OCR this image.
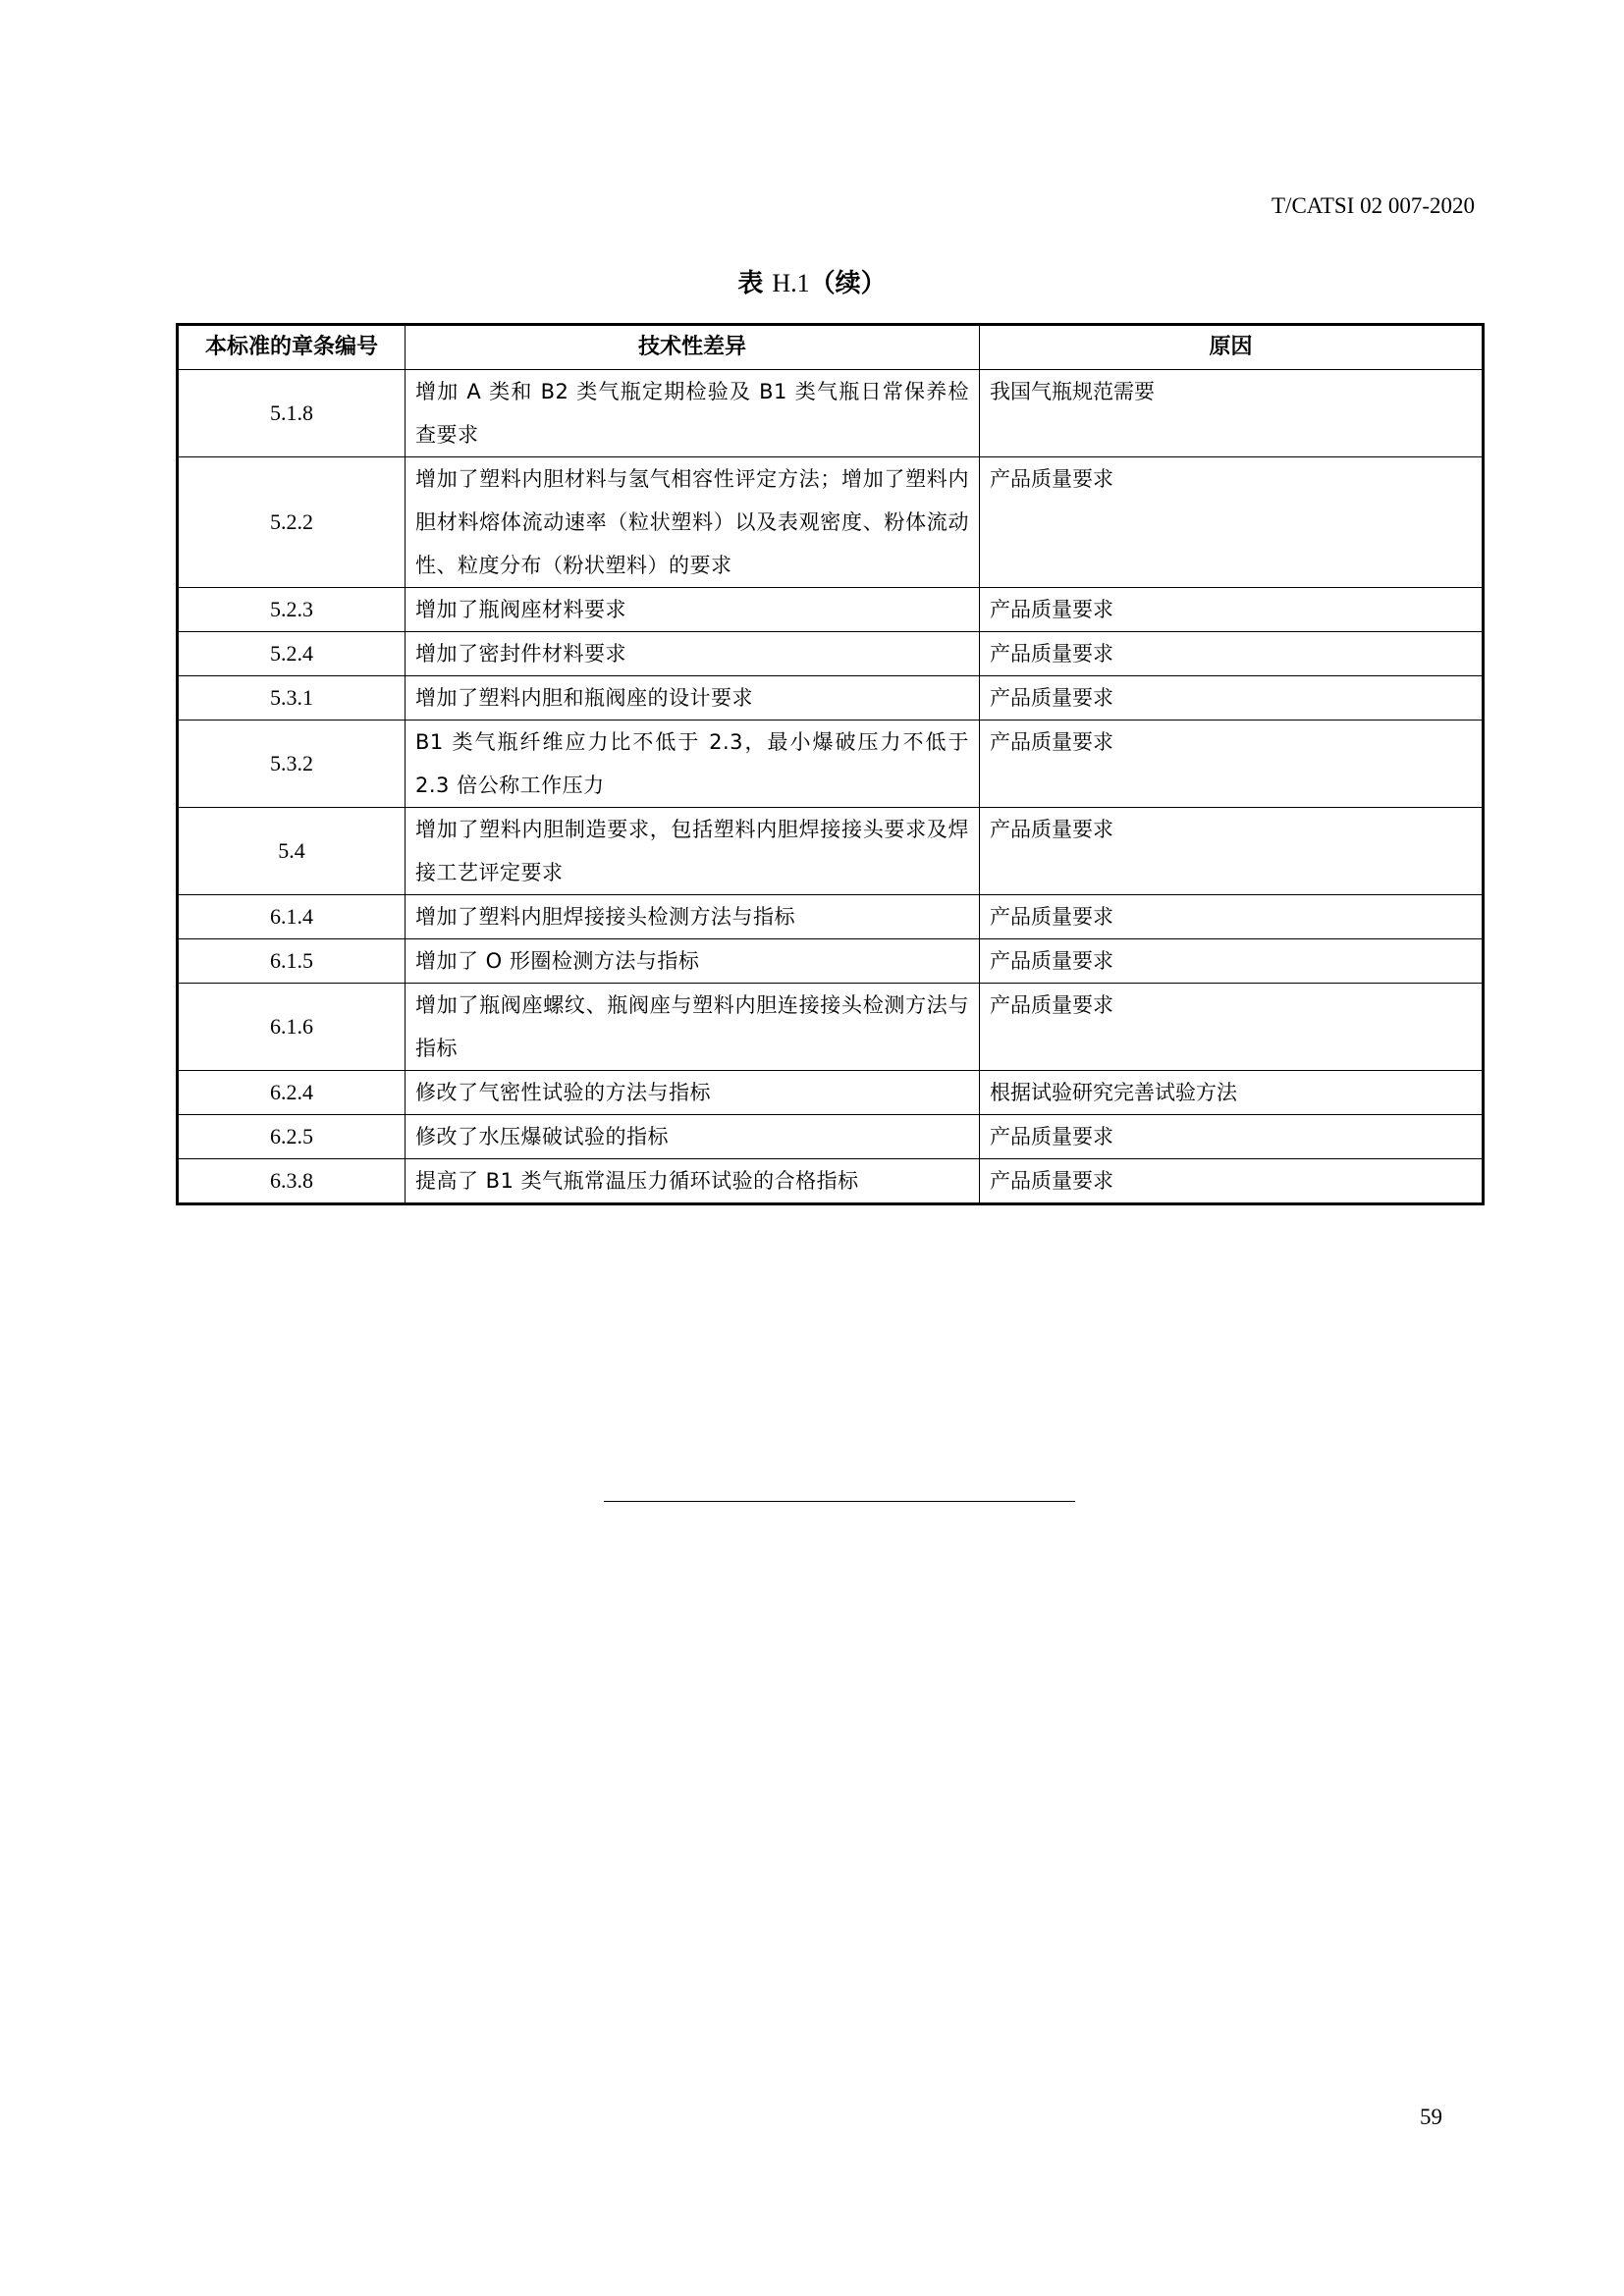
T/CATSI 02 007-2020
表 H.1（续）
本标准的章条编号	技术性差异	原因
5.1.8	增加 A 类和 B2 类气瓶定期检验及 B1 类气瓶日常保养检查要求	我国气瓶规范需要
5.2.2	增加了塑料内胆材料与氢气相容性评定方法；增加了塑料内胆材料熔体流动速率（粒状塑料）以及表观密度、粉体流动性、粒度分布（粉状塑料）的要求	产品质量要求
5.2.3	增加了瓶阀座材料要求	产品质量要求
5.2.4	增加了密封件材料要求	产品质量要求
5.3.1	增加了塑料内胆和瓶阀座的设计要求	产品质量要求
5.3.2	B1 类气瓶纤维应力比不低于 2.3，最小爆破压力不低于 2.3 倍公称工作压力	产品质量要求
5.4	增加了塑料内胆制造要求，包括塑料内胆焊接接头要求及焊接工艺评定要求	产品质量要求
6.1.4	增加了塑料内胆焊接接头检测方法与指标	产品质量要求
6.1.5	增加了 O 形圈检测方法与指标	产品质量要求
6.1.6	增加了瓶阀座螺纹、瓶阀座与塑料内胆连接接头检测方法与指标	产品质量要求
6.2.4	修改了气密性试验的方法与指标	根据试验研究完善试验方法
6.2.5	修改了水压爆破试验的指标	产品质量要求
6.3.8	提高了 B1 类气瓶常温压力循环试验的合格指标	产品质量要求
59
